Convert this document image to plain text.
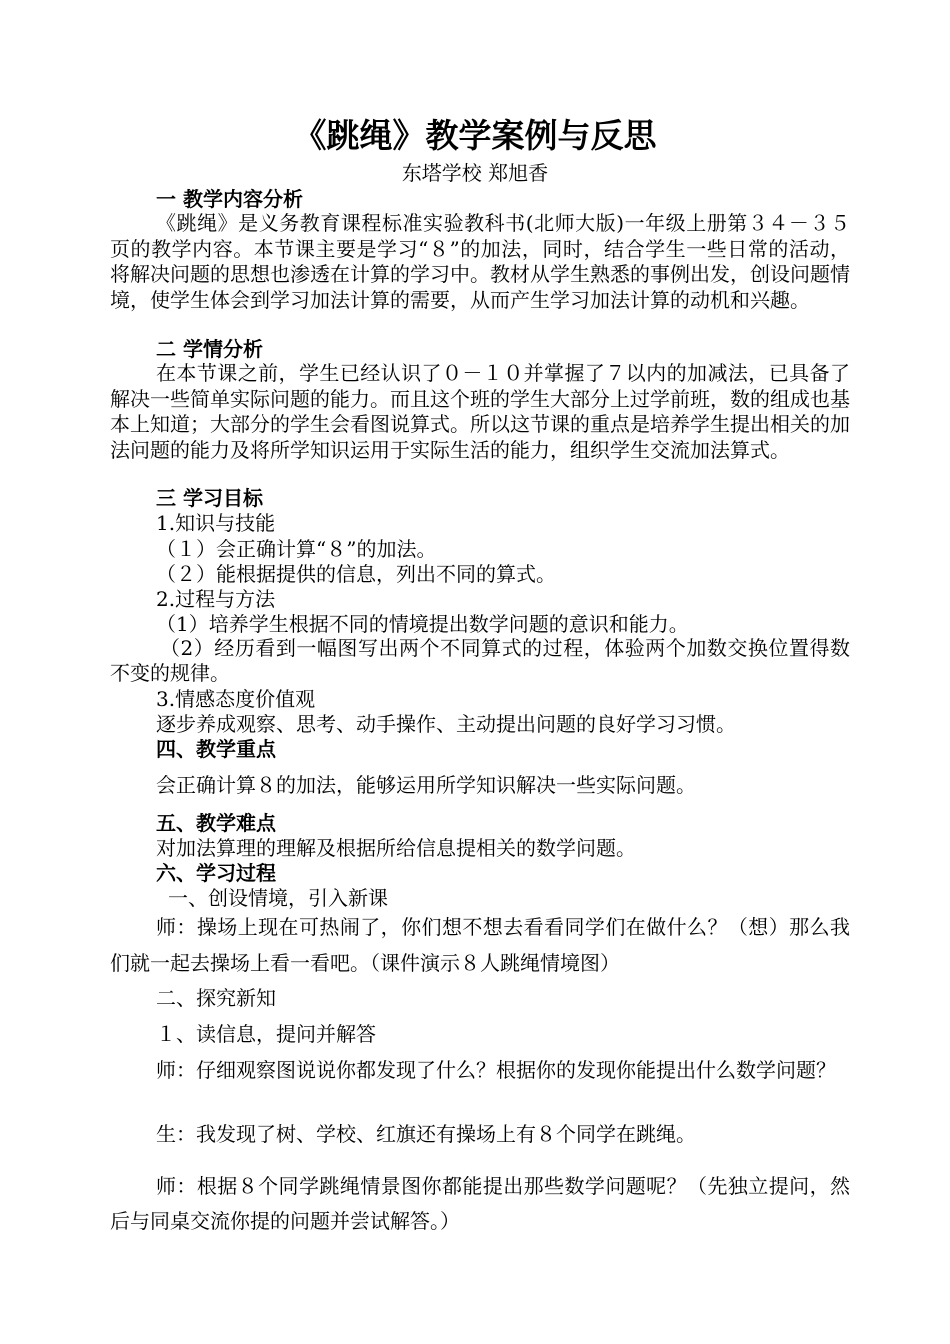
《跳绳》教学案例与反思
东塔学校 郑旭香
一 教学内容分析
《跳绳》是义务教育课程标准实验教科书(北师大版)一年级上册第３４－３５页的教学内容。本节课主要是学习“８”的加法，同时，结合学生一些日常的活动，将解决问题的思想也渗透在计算的学习中。教材从学生熟悉的事例出发，创设问题情境，使学生体会到学习加法计算的需要，从而产生学习加法计算的动机和兴趣。
二 学情分析
在本节课之前，学生已经认识了０－１０并掌握了７以内的加减法，已具备了解决一些简单实际问题的能力。而且这个班的学生大部分上过学前班，数的组成也基本上知道；大部分的学生会看图说算式。所以这节课的重点是培养学生提出相关的加法问题的能力及将所学知识运用于实际生活的能力，组织学生交流加法算式。
三 学习目标
1.知识与技能
（１）会正确计算“８”的加法。
（２）能根据提供的信息，列出不同的算式。
2.过程与方法
（1）培养学生根据不同的情境提出数学问题的意识和能力。
（2）经历看到一幅图写出两个不同算式的过程，体验两个加数交换位置得数不变的规律。
3.情感态度价值观
逐步养成观察、思考、动手操作、主动提出问题的良好学习习惯。
四、教学重点
会正确计算８的加法，能够运用所学知识解决一些实际问题。
五、教学难点
对加法算理的理解及根据所给信息提相关的数学问题。
六、学习过程
一、创设情境，引入新课
师：操场上现在可热闹了，你们想不想去看看同学们在做什么？（想）那么我们就一起去操场上看一看吧。（课件演示８人跳绳情境图）
二、探究新知
１、读信息，提问并解答
师：仔细观察图说说你都发现了什么？根据你的发现你能提出什么数学问题？
生：我发现了树、学校、红旗还有操场上有８个同学在跳绳。
师：根据８个同学跳绳情景图你都能提出那些数学问题呢？（先独立提问，然后与同桌交流你提的问题并尝试解答。）
